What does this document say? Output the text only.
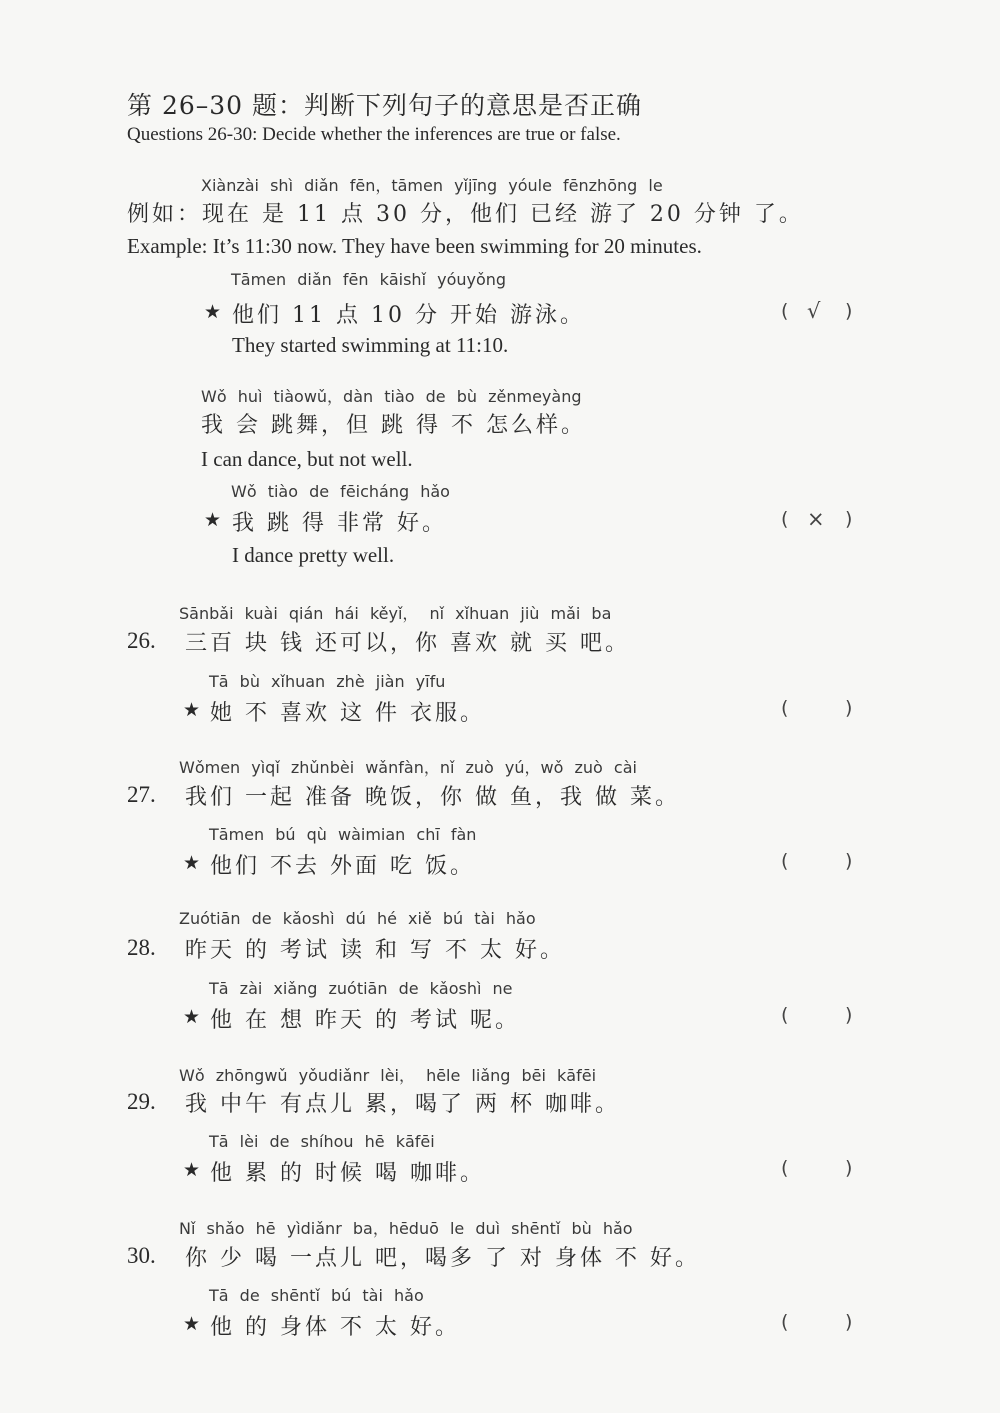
第 26–30 题：判断下列句子的意思是否正确
Questions 26-30: Decide whether the inferences are true or false.
Xiànzài shì diǎn fēn，tāmen yǐjīng yóule fēnzhōng le
例如：现在 是 11 点 30 分，他们 已经 游了 20 分钟 了。
Example: It’s 11:30 now. They have been swimming for 20 minutes.
Tāmen diǎn fēn kāishǐ yóuyǒng
★ 他们 11 点 10 分 开始 游泳。
They started swimming at 11:10.
( √ )
Wǒ huì tiàowǔ，dàn tiào de bù zěnmeyàng
我 会 跳舞，但 跳 得 不 怎么样。
I can dance, but not well.
Wǒ tiào de fēicháng hǎo
★ 我 跳 得 非常 好。
I dance pretty well.
( × )
Sānbǎi kuài qián hái kěyǐ， nǐ xǐhuan jiù mǎi ba
26. 三百 块 钱 还可以，你 喜欢 就 买 吧。
Tā bù xǐhuan zhè jiàn yīfu
★ 她 不 喜欢 这 件 衣服。	(	)
Wǒmen yìqǐ zhǔnbèi wǎnfàn，nǐ zuò yú，wǒ zuò cài
27. 我们 一起 准备 晚饭，你 做 鱼，我 做 菜。
Tāmen bú qù wàimian chī fàn
★ 他们 不去 外面 吃 饭。	(	)
Zuótiān de kǎoshì dú hé xiě bú tài hǎo
28. 昨天 的 考试 读 和 写 不 太 好。
Tā zài xiǎng zuótiān de kǎoshì ne
★ 他 在 想 昨天 的 考试 呢。	(	)
Wǒ zhōngwǔ yǒudiǎnr lèi， hēle liǎng bēi kāfēi
29. 我 中午 有点儿 累，喝了 两 杯 咖啡。
Tā lèi de shíhou hē kāfēi
★ 他 累 的 时候 喝 咖啡。	(	)
Nǐ shǎo hē yìdiǎnr ba，hēduō le duì shēntǐ bù hǎo
30. 你 少 喝 一点儿 吧，喝多 了 对 身体 不 好。
Tā de shēntǐ bú tài hǎo
★ 他 的 身体 不 太 好。	(	)
